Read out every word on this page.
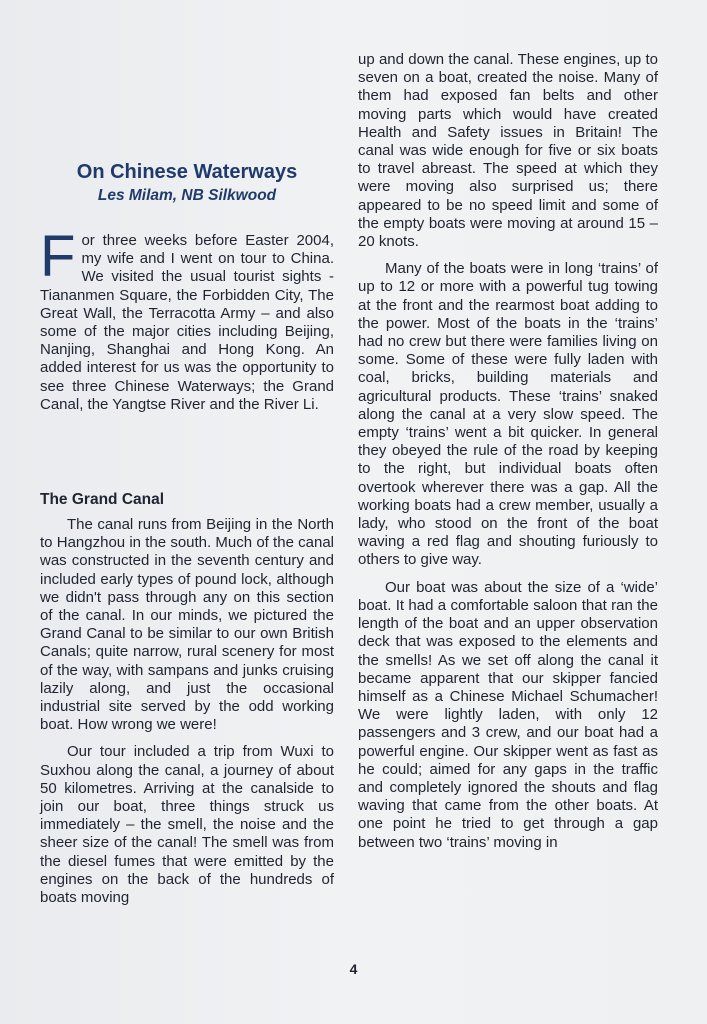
On Chinese Waterways
Les Milam, NB Silkwood
For three weeks before Easter 2004, my wife and I went on tour to China. We visited the usual tourist sights - Tiananmen Square, the Forbidden City, The Great Wall, the Terracotta Army – and also some of the major cities including Beijing, Nanjing, Shanghai and Hong Kong. An added interest for us was the opportunity to see three Chinese Waterways; the Grand Canal, the Yangtse River and the River Li.
The Grand Canal

The canal runs from Beijing in the North to Hangzhou in the south. Much of the canal was constructed in the seventh century and included early types of pound lock, although we didn't pass through any on this section of the canal. In our minds, we pictured the Grand Canal to be similar to our own British Canals; quite narrow, rural scenery for most of the way, with sampans and junks cruising lazily along, and just the occasional industrial site served by the odd working boat. How wrong we were!

Our tour included a trip from Wuxi to Suxhou along the canal, a journey of about 50 kilometres. Arriving at the canalside to join our boat, three things struck us immediately – the smell, the noise and the sheer size of the canal! The smell was from the diesel fumes that were emitted by the engines on the back of the hundreds of boats moving

up and down the canal. These engines, up to seven on a boat, created the noise. Many of them had exposed fan belts and other moving parts which would have created Health and Safety issues in Britain! The canal was wide enough for five or six boats to travel abreast. The speed at which they were moving also surprised us; there appeared to be no speed limit and some of the empty boats were moving at around 15 – 20 knots.

Many of the boats were in long ‘trains’ of up to 12 or more with a powerful tug towing at the front and the rearmost boat adding to the power. Most of the boats in the ‘trains’ had no crew but there were families living on some. Some of these were fully laden with coal, bricks, building materials and agricultural products. These ‘trains’ snaked along the canal at a very slow speed. The empty ‘trains’ went a bit quicker. In general they obeyed the rule of the road by keeping to the right, but individual boats often overtook wherever there was a gap. All the working boats had a crew member, usually a lady, who stood on the front of the boat waving a red flag and shouting furiously to others to give way.

Our boat was about the size of a ‘wide’ boat. It had a comfortable saloon that ran the length of the boat and an upper observation deck that was exposed to the elements and the smells! As we set off along the canal it became apparent that our skipper fancied himself as a Chinese Michael Schumacher! We were lightly laden, with only 12 passengers and 3 crew, and our boat had a powerful engine. Our skipper went as fast as he could; aimed for any gaps in the traffic and completely ignored the shouts and flag waving that came from the other boats. At one point he tried to get through a gap between two ‘trains’ moving in

4
